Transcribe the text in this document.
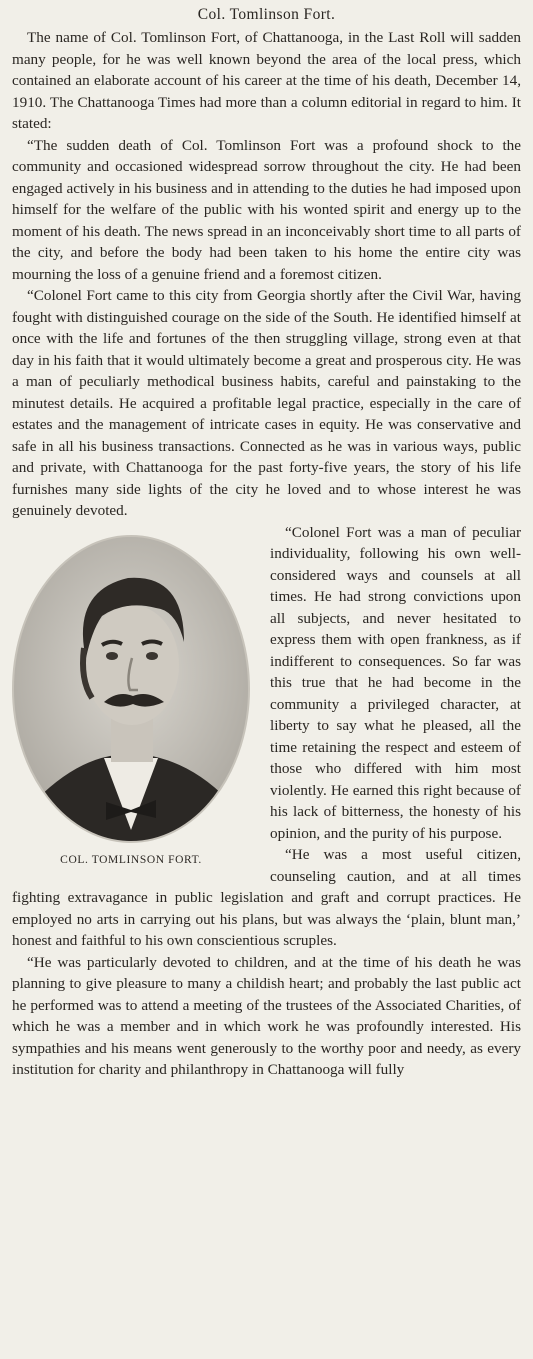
Col. Tomlinson Fort.

The name of Col. Tomlinson Fort, of Chattanooga, in the Last Roll will sadden many people, for he was well known beyond the area of the local press, which contained an elaborate account of his career at the time of his death, December 14, 1910. The Chattanooga Times had more than a column editorial in regard to him. It stated:

“The sudden death of Col. Tomlinson Fort was a profound shock to the community and occasioned widespread sorrow throughout the city. He had been engaged actively in his business and in attending to the duties he had imposed upon himself for the welfare of the public with his wonted spirit and energy up to the moment of his death. The news spread in an inconceivably short time to all parts of the city, and before the body had been taken to his home the entire city was mourning the loss of a genuine friend and a foremost citizen.

“Colonel Fort came to this city from Georgia shortly after the Civil War, having fought with distinguished courage on the side of the South. He identified himself at once with the life and fortunes of the then struggling village, strong even at that day in his faith that it would ultimately become a great and prosperous city. He was a man of peculiarly methodical business habits, careful and painstaking to the minutest details. He acquired a profitable legal practice, especially in the care of estates and the management of intricate cases in equity. He was conservative and safe in all his business transactions. Connected as he was in various ways, public and private, with Chattanooga for the past forty-five years, the story of his life furnishes many side lights of the city he loved and to whose interest he was genuinely devoted.

COL. TOMLINSON FORT.

“Colonel Fort was a man of peculiar individuality, following his own well-considered ways and counsels at all times. He had strong convictions upon all subjects, and never hesitated to express them with open frankness, as if indifferent to consequences. So far was this true that he had become in the community a privileged character, at liberty to say what he pleased, all the time retaining the respect and esteem of those who differed with him most violently. He earned this right because of his lack of bitterness, the honesty of his opinion, and the purity of his purpose.

“He was a most useful citizen, counseling caution, and at all times fighting extravagance in public legislation and graft and corrupt practices. He employed no arts in carrying out his plans, but was always the ‘plain, blunt man,’ honest and faithful to his own conscientious scruples.

“He was particularly devoted to children, and at the time of his death he was planning to give pleasure to many a childish heart; and probably the last public act he performed was to attend a meeting of the trustees of the Associated Charities, of which he was a member and in which work he was profoundly interested. His sympathies and his means went generously to the worthy poor and needy, as every institution for charity and philanthropy in Chattanooga will fully
